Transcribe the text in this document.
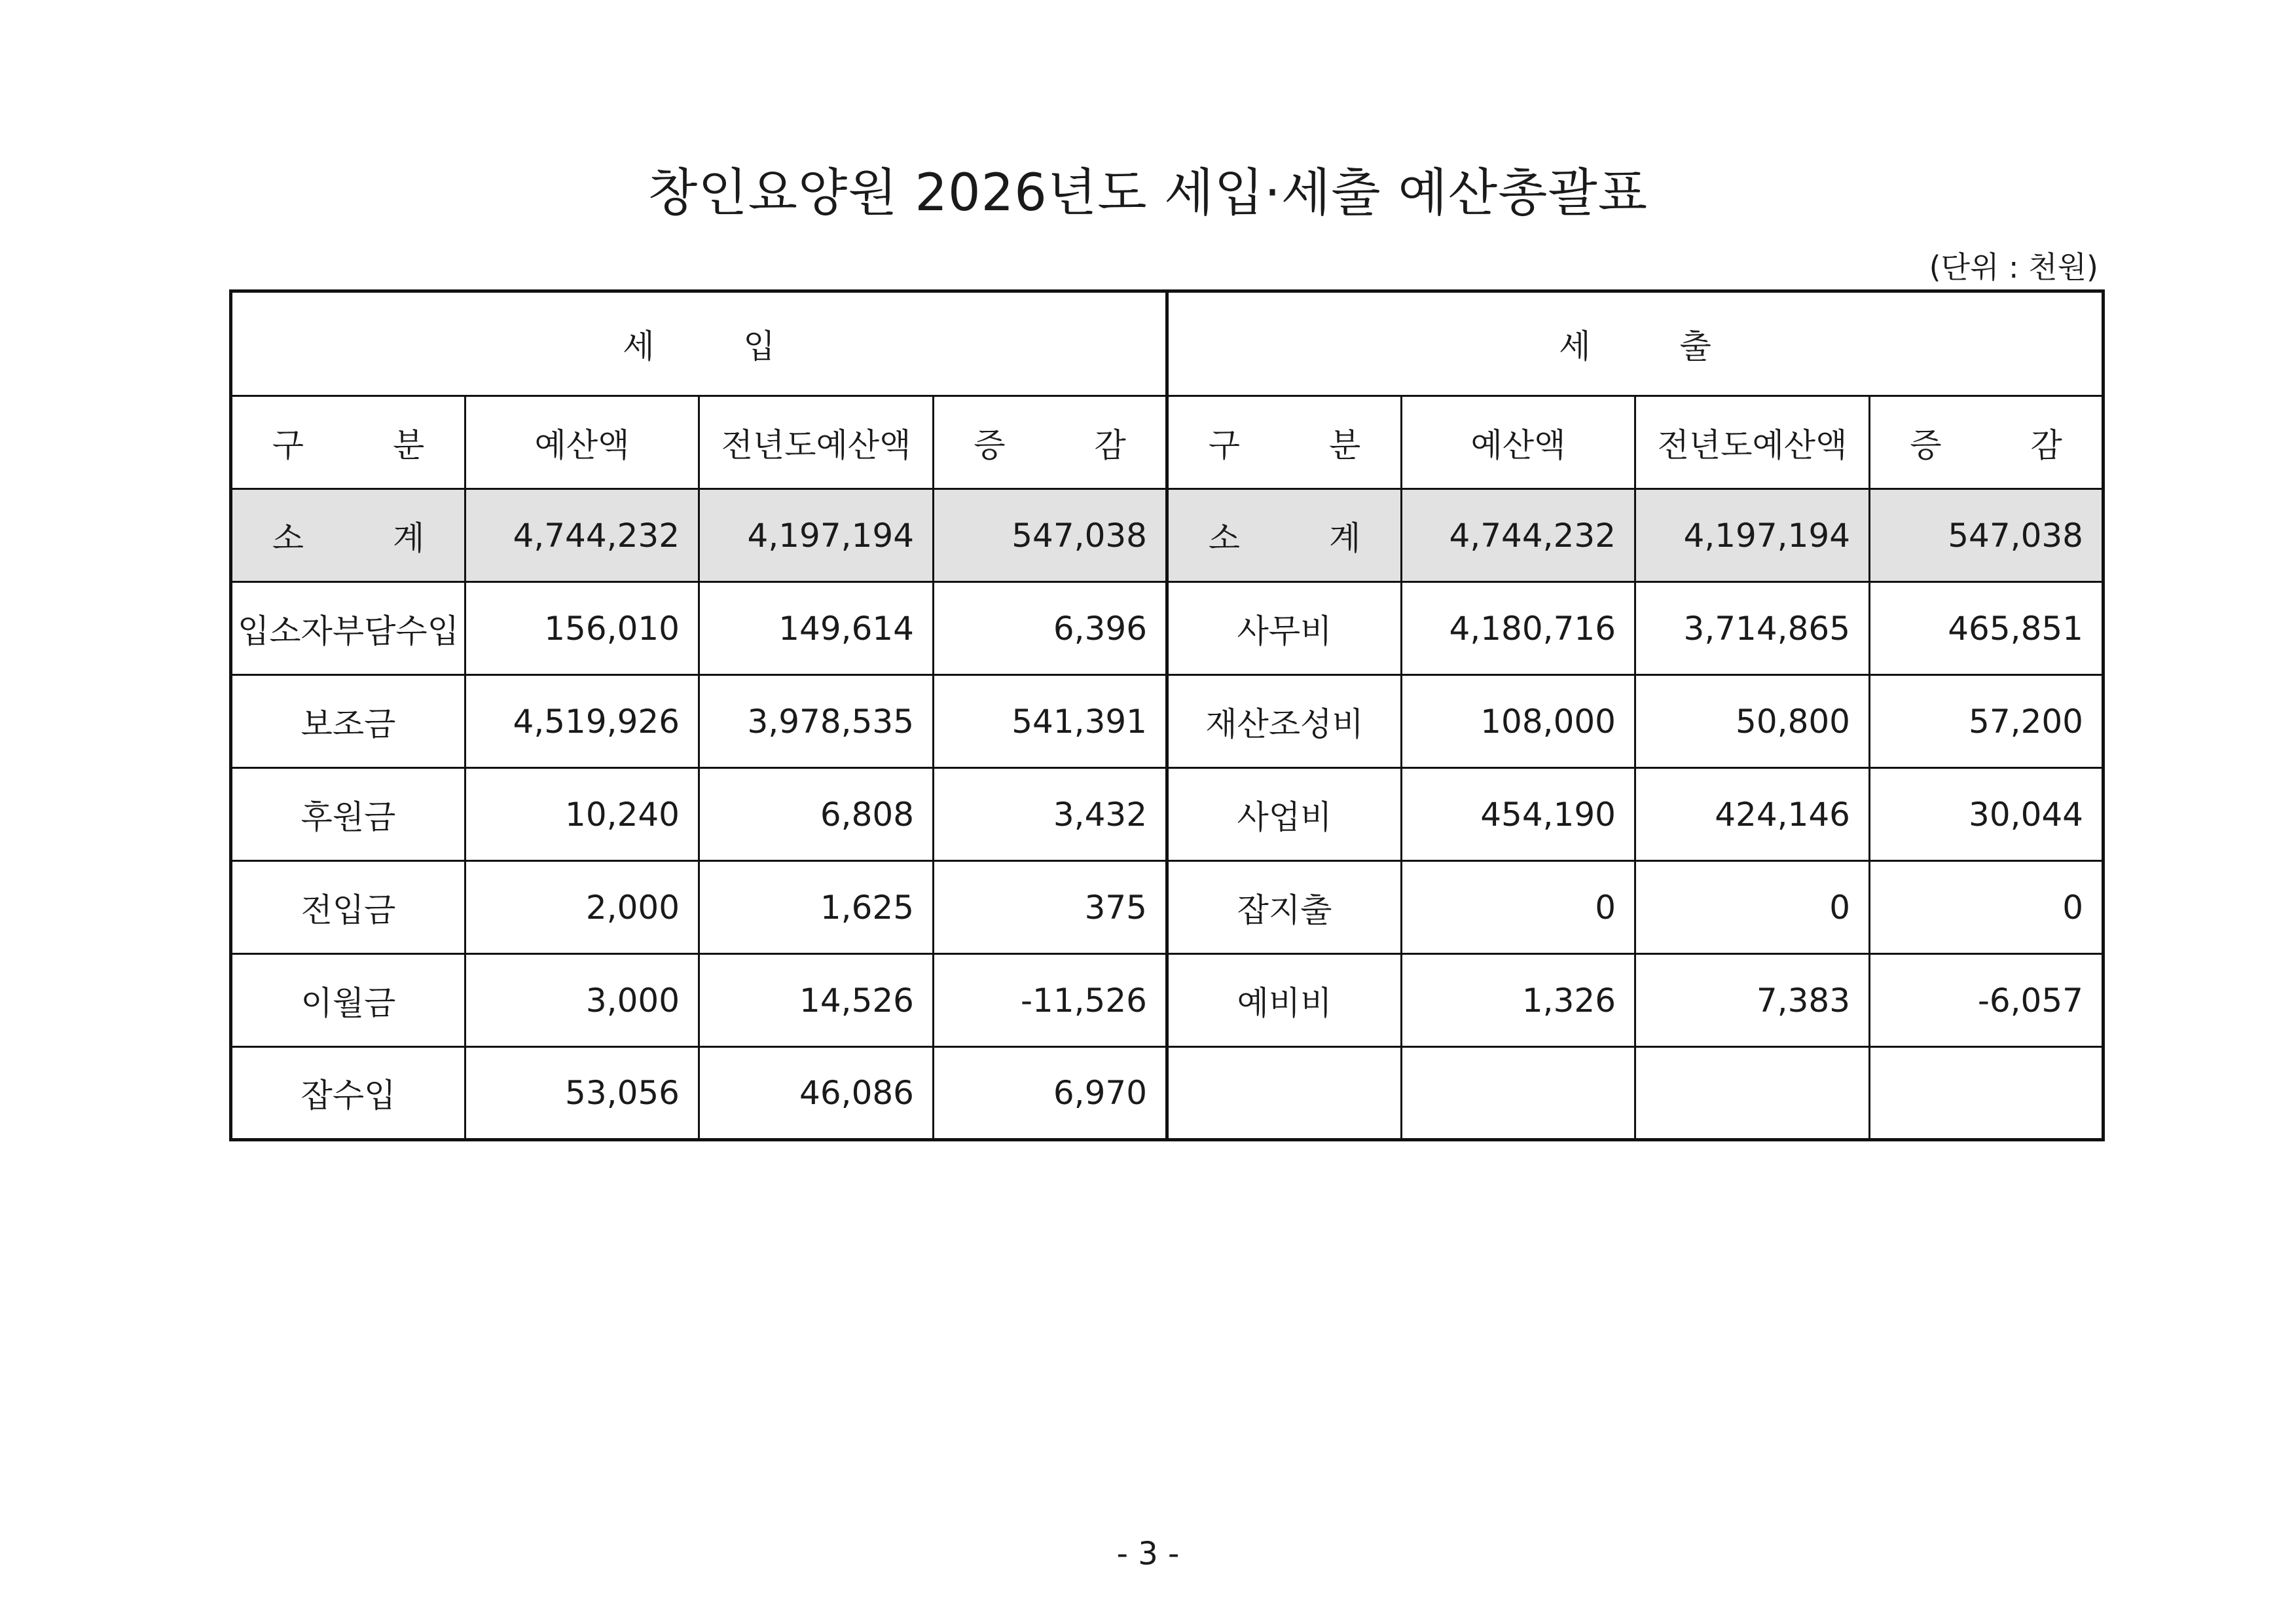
창인요양원 2026년도 세입·세출 예산총괄표
(단위 : 천원)
세 입				세 출			
구 분	예산액	전년도예산액	증 감	구 분	예산액	전년도예산액	증 감
소 계	4,744,232	4,197,194	547,038	소 계	4,744,232	4,197,194	547,038
입소자부담수입	156,010	149,614	6,396	사무비	4,180,716	3,714,865	465,851
보조금	4,519,926	3,978,535	541,391	재산조성비	108,000	50,800	57,200
후원금	10,240	6,808	3,432	사업비	454,190	424,146	30,044
전입금	2,000	1,625	375	잡지출	0	0	0
이월금	3,000	14,526	-11,526	예비비	1,326	7,383	-6,057
잡수입	53,056	46,086	6,970				
- 3 -
